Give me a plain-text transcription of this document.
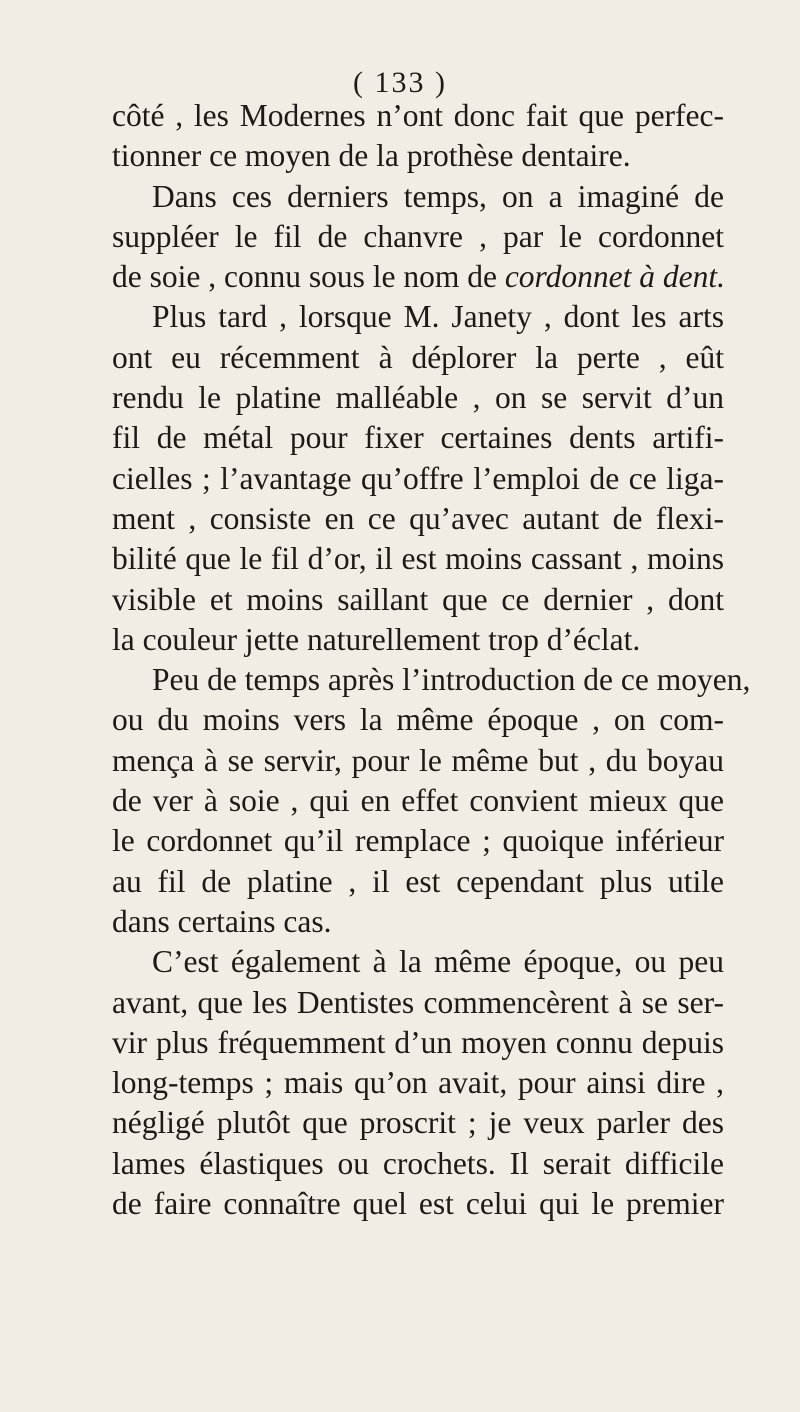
( 133 )
côté , les Modernes n’ont donc fait que perfec-
tionner ce moyen de la prothèse dentaire.
Dans ces derniers temps, on a imaginé de
suppléer le fil de chanvre , par le cordonnet
de soie , connu sous le nom de cordonnet à dent.
Plus tard , lorsque M. Janety , dont les arts
ont eu récemment à déplorer la perte , eût
rendu le platine malléable , on se servit d’un
fil de métal pour fixer certaines dents artifi-
cielles ; l’avantage qu’offre l’emploi de ce liga-
ment , consiste en ce qu’avec autant de flexi-
bilité que le fil d’or, il est moins cassant , moins
visible et moins saillant que ce dernier , dont
la couleur jette naturellement trop d’éclat.
Peu de temps après l’introduction de ce moyen,
ou du moins vers la même époque , on com-
mença à se servir, pour le même but , du boyau
de ver à soie , qui en effet convient mieux que
le cordonnet qu’il remplace ; quoique inférieur
au fil de platine , il est cependant plus utile
dans certains cas.
C’est également à la même époque, ou peu
avant, que les Dentistes commencèrent à se ser-
vir plus fréquemment d’un moyen connu depuis
long-temps ; mais qu’on avait, pour ainsi dire ,
négligé plutôt que proscrit ; je veux parler des
lames élastiques ou crochets. Il serait difficile
de faire connaître quel est celui qui le premier
